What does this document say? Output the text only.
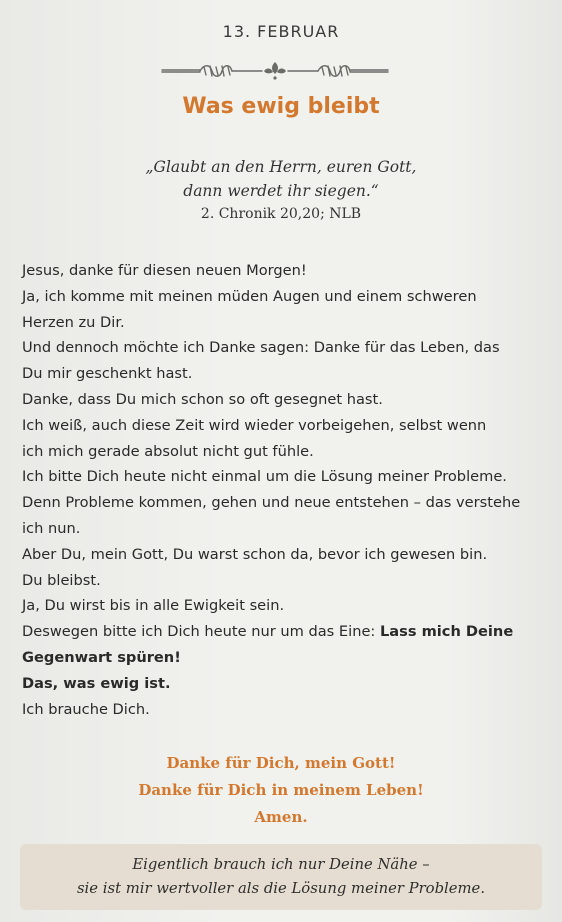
13. FEBRUAR
Was ewig bleibt
„Glaubt an den Herrn, euren Gott,
dann werdet ihr siegen.“
2. Chronik 20,20; NLB

Jesus, danke für diesen neuen Morgen!

Ja, ich komme mit meinen müden Augen und einem schweren

Herzen zu Dir.

Und dennoch möchte ich Danke sagen: Danke für das Leben, das

Du mir geschenkt hast.

Danke, dass Du mich schon so oft gesegnet hast.

Ich weiß, auch diese Zeit wird wieder vorbeigehen, selbst wenn

ich mich gerade absolut nicht gut fühle.

Ich bitte Dich heute nicht einmal um die Lösung meiner Probleme.

Denn Probleme kommen, gehen und neue entstehen – das verstehe

ich nun.

Aber Du, mein Gott, Du warst schon da, bevor ich gewesen bin.

Du bleibst.

Ja, Du wirst bis in alle Ewigkeit sein.

Deswegen bitte ich Dich heute nur um das Eine: Lass mich Deine

Gegenwart spüren!

Das, was ewig ist.

Ich brauche Dich.

Danke für Dich, mein Gott!

Danke für Dich in meinem Leben!

Amen.

Eigentlich brauch ich nur Deine Nähe –

sie ist mir wertvoller als die Lösung meiner Probleme.
